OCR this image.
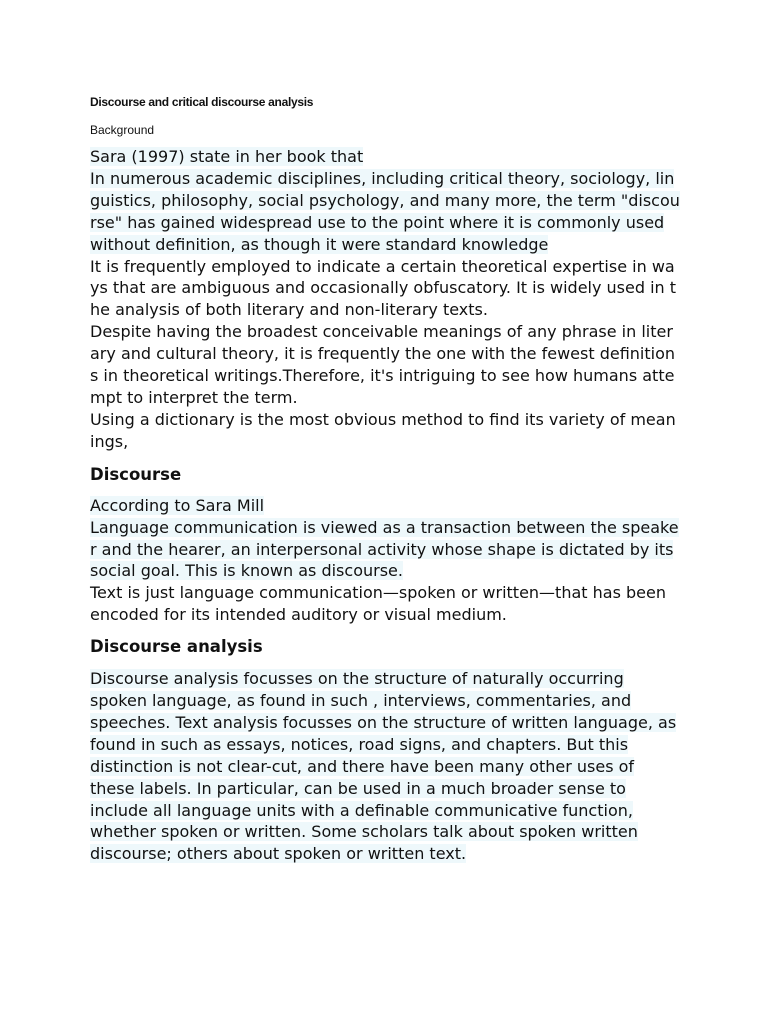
Discourse and critical discourse analysis

Background

Sara (1997) state in her book that
In numerous academic disciplines, including critical theory, sociology, linguistics, philosophy, social psychology, and many more, the term "discourse" has gained widespread use to the point where it is commonly used without definition, as though it were standard knowledge
It is frequently employed to indicate a certain theoretical expertise in ways that are ambiguous and occasionally obfuscatory. It is widely used in the analysis of both literary and non-literary texts.
Despite having the broadest conceivable meanings of any phrase in literary and cultural theory, it is frequently the one with the fewest definitions in theoretical writings.Therefore, it's intriguing to see how humans attempt to interpret the term.
Using a dictionary is the most obvious method to find its variety of meanings,

Discourse

According to Sara Mill
Language communication is viewed as a transaction between the speaker and the hearer, an interpersonal activity whose shape is dictated by its social goal. This is known as discourse.
Text is just language communication—spoken or written—that has been encoded for its intended auditory or visual medium.

Discourse analysis

Discourse analysis focusses on the structure of naturally occurring spoken language, as found in such , interviews, commentaries, and speeches. Text analysis focusses on the structure of written language, as found in such as essays, notices, road signs, and chapters. But this distinction is not clear-cut, and there have been many other uses of these labels. In particular, can be used in a much broader sense to include all language units with a definable communicative function, whether spoken or written. Some scholars talk about spoken written discourse; others about spoken or written text.
